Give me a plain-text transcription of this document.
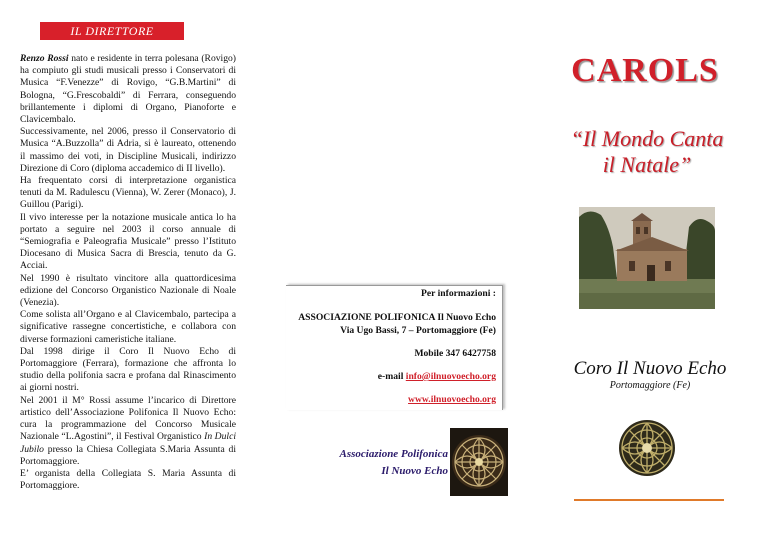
IL DIRETTORE

Renzo Rossi nato e residente in terra polesana (Rovigo) ha compiuto gli studi musicali presso i Conservatori di Musica “F.Venezze” di Rovigo, “G.B.Martini” di Bologna, “G.Frescobaldi” di Ferrara, conseguendo brillantemente i diplomi di Organo, Pianoforte e Clavicembalo.

Successivamente, nel 2006, presso il Conservatorio di Musica “A.Buzzolla” di Adria, si è laureato, ottenendo il massimo dei voti, in Discipline Musicali, indirizzo Direzione di Coro (diploma accademico di II livello).

Ha frequentato corsi di interpretazione organistica tenuti da M. Radulescu (Vienna), W. Zerer (Monaco), J. Guillou (Parigi).

Il vivo interesse per la notazione musicale antica lo ha portato a seguire nel 2003 il corso annuale di “Semiografia e Paleografia Musicale” presso l’Istituto Diocesano di Musica Sacra di Brescia, tenuto da G. Acciai.

Nel 1990 è risultato vincitore alla quattordicesima edizione del Concorso Organistico Nazionale di Noale (Venezia).

Come solista all’Organo e al Clavicembalo, partecipa a significative rassegne concertistiche, e collabora con diverse formazioni cameristiche italiane.

Dal 1998 dirige il Coro Il Nuovo Echo di Portomaggiore (Ferrara), formazione che affronta lo studio della polifonia sacra e profana dal Rinascimento ai giorni nostri.

Nel 2001 il M° Rossi assume l’incarico di Direttore artistico dell’Associazione Polifonica Il Nuovo Echo: cura la programmazione del Concorso Musicale Nazionale “L.Agostini”, il Festival Organistico In Dulci Jubilo presso la Chiesa Collegiata S.Maria Assunta di Portomaggiore.

E’ organista della Collegiata S. Maria Assunta di Portomaggiore.

Per informazioni :
ASSOCIAZIONE POLIFONICA Il Nuovo Echo
Via Ugo Bassi, 7 – Portomaggiore (Fe)
Mobile 347 6427758
e-mail info@ilnuovoecho.org
www.ilnuovoecho.org
Associazione Polifonica
Il Nuovo Echo
CAROLS
“Il Mondo Canta
il Natale”
Coro Il Nuovo Echo
Portomaggiore (Fe)
